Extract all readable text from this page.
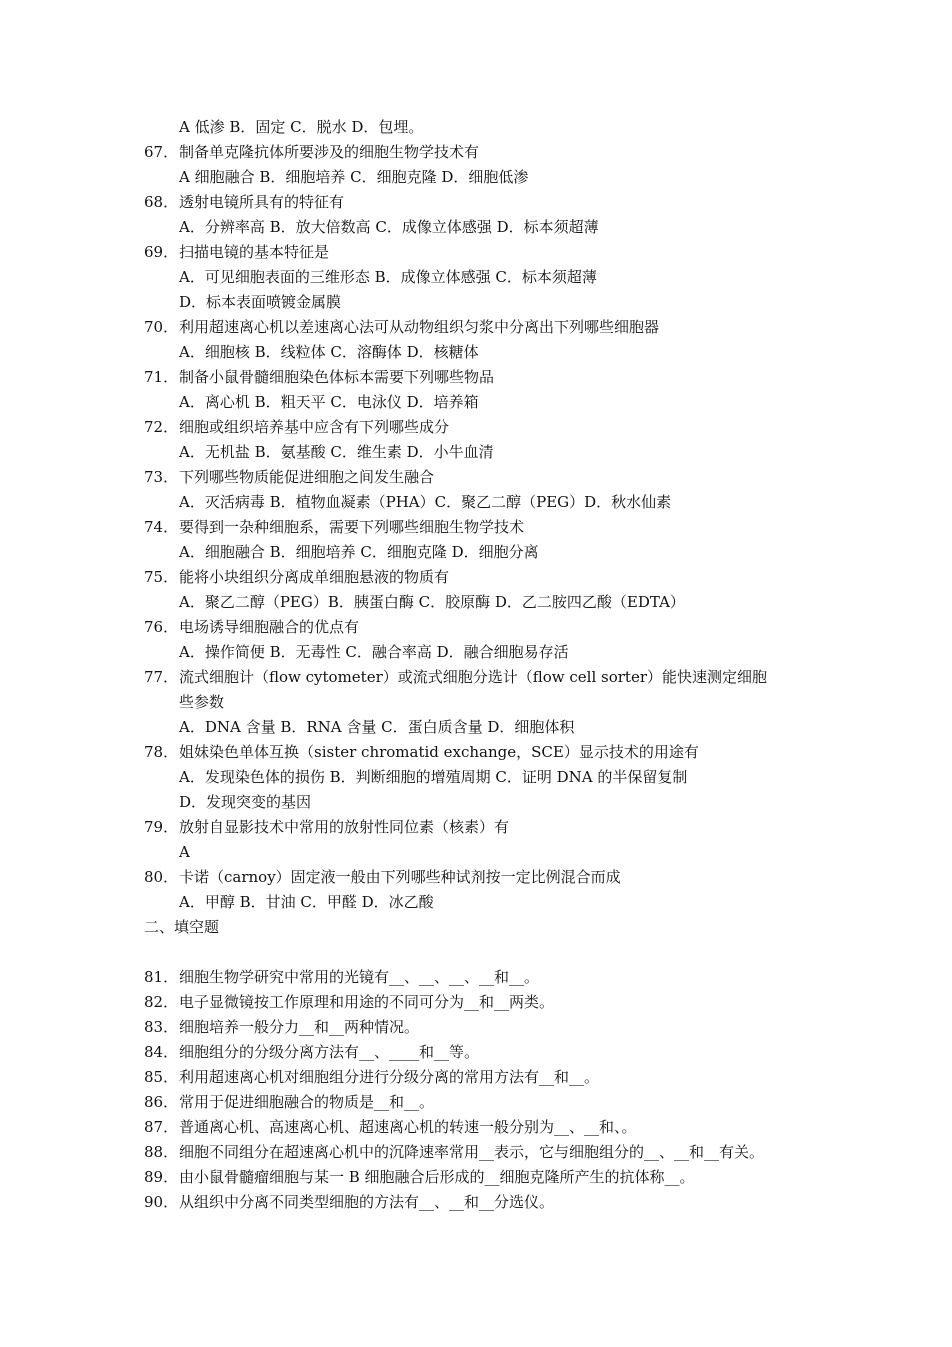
A 低渗 B．固定 C．脱水 D．包埋。
67． 制备单克隆抗体所要涉及的细胞生物学技术有
A 细胞融合 B．细胞培养 C．细胞克隆 D．细胞低渗
68． 透射电镜所具有的特征有
A．分辨率高 B．放大倍数高 C．成像立体感强 D．标本须超薄
69． 扫描电镜的基本特征是
A．可见细胞表面的三维形态 B．成像立体感强 C．标本须超薄
D．标本表面喷镀金属膜
70． 利用超速离心机以差速离心法可从动物组织匀浆中分离出下列哪些细胞器
A．细胞核 B．线粒体 C．溶酶体 D．核糖体
71． 制备小鼠骨髓细胞染色体标本需要下列哪些物品
A．离心机 B．粗天平 C．电泳仪 D．培养箱
72． 细胞或组织培养基中应含有下列哪些成分
A．无机盐 B．氨基酸 C．维生素 D．小牛血清
73． 下列哪些物质能促进细胞之间发生融合
A．灭活病毒 B．植物血凝素（PHA）C．聚乙二醇（PEG）D．秋水仙素
74． 要得到一杂种细胞系，需要下列哪些细胞生物学技术
A．细胞融合 B．细胞培养 C．细胞克隆 D．细胞分离
75． 能将小块组织分离成单细胞悬液的物质有
A．聚乙二醇（PEG）B．胰蛋白酶 C．胶原酶 D．乙二胺四乙酸（EDTA）
76． 电场诱导细胞融合的优点有
A．操作简便 B．无毒性 C．融合率高 D．融合细胞易存活
77． 流式细胞计（flow cytometer）或流式细胞分选计（flow cell sorter）能快速测定细胞
些参数
A．DNA 含量 B．RNA 含量 C．蛋白质含量 D．细胞体积
78． 姐妹染色单体互换（sister chromatid exchange，SCE）显示技术的用途有
A．发现染色体的损伤 B．判断细胞的增殖周期 C．证明 DNA 的半保留复制
D．发现突变的基因
79． 放射自显影技术中常用的放射性同位素（核素）有
A
80． 卡诺（carnoy）固定液一般由下列哪些种试剂按一定比例混合而成
A．甲醇 B．甘油 C．甲醛 D．冰乙酸
二、填空题
81． 细胞生物学研究中常用的光镜有__、__、__、__和__。
82． 电子显微镜按工作原理和用途的不同可分为__和__两类。
83． 细胞培养一般分力__和__两种情况。
84． 细胞组分的分级分离方法有__、____和__等。
85． 利用超速离心机对细胞组分进行分级分离的常用方法有__和__。
86． 常用于促进细胞融合的物质是__和__。
87． 普通离心机、高速离心机、超速离心机的转速一般分别为__、__和、。
88． 细胞不同组分在超速离心机中的沉降速率常用__表示，它与细胞组分的__、__和__有关。
89． 由小鼠骨髓瘤细胞与某一 B 细胞融合后形成的__细胞克隆所产生的抗体称__。
90． 从组织中分离不同类型细胞的方法有__、__和__分选仪。
